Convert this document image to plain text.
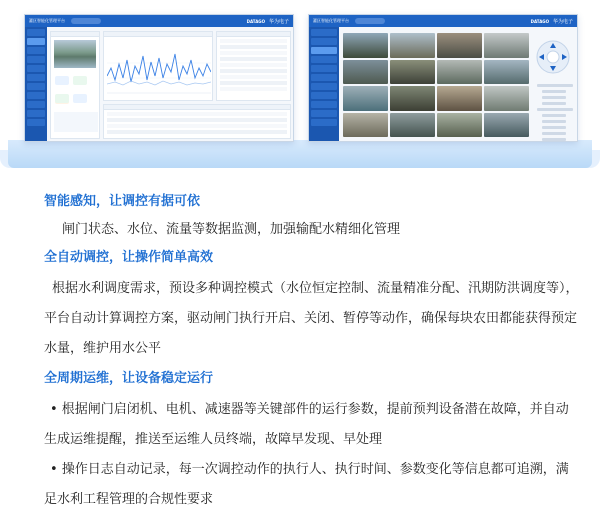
灌区智能化管理平台	DATAGO 华为电子	灌区智能化管理平台	DATAGO 华为电子
智能感知，让调控有据可依
闸门状态、水位、流量等数据监测，加强输配水精细化管理
全自动调控，让操作简单高效
根据水利调度需求，预设多种调控模式（水位恒定控制、流量精准分配、汛期防洪调度等），
平台自动计算调控方案，驱动闸门执行开启、关闭、暂停等动作，确保每块农田都能获得预定
水量，维护用水公平
全周期运维，让设备稳定运行
• 根据闸门启闭机、电机、减速器等关键部件的运行参数，提前预判设备潜在故障，并自动
生成运维提醒，推送至运维人员终端，故障早发现、早处理
• 操作日志自动记录，每一次调控动作的执行人、执行时间、参数变化等信息都可追溯，满
足水利工程管理的合规性要求
